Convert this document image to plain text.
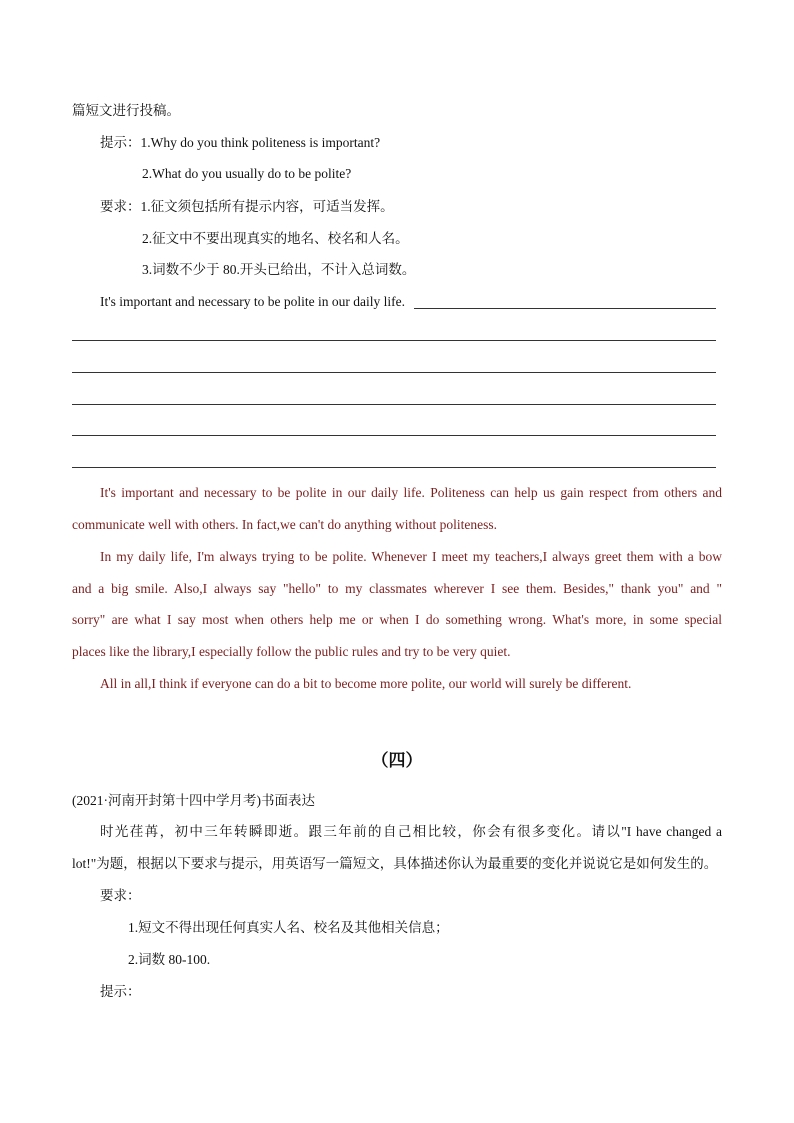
篇短文进行投稿。
提示：1.Why do you think politeness is important?
2.What do you usually do to be polite?
要求：1.征文须包括所有提示内容，可适当发挥。
2.征文中不要出现真实的地名、校名和人名。
3.词数不少于 80.开头已给出，不计入总词数。
It's important and necessary to be polite in our daily life.
It's important and necessary to be polite in our daily life. Politeness can help us gain respect from others and
communicate well with others. In fact,we can't do anything without politeness.
In my daily life, I'm always trying to be polite. Whenever I meet my teachers,I always greet them with a bow
and a big smile. Also,I always say "hello" to my classmates wherever I see them. Besides," thank you" and "
sorry" are what I say most when others help me or when I do something wrong. What's more, in some special
places like the library,I especially follow the public rules and try to be very quiet.
All in all,I think if everyone can do a bit to become more polite, our world will surely be different.
（四）
(2021·河南开封第十四中学月考)书面表达
时光荏苒，初中三年转瞬即逝。跟三年前的自己相比较，你会有很多变化。请以"I have changed a
lot!"为题，根据以下要求与提示，用英语写一篇短文，具体描述你认为最重要的变化并说说它是如何发生的。
要求：
1.短文不得出现任何真实人名、校名及其他相关信息；
2.词数 80-100.
提示：
